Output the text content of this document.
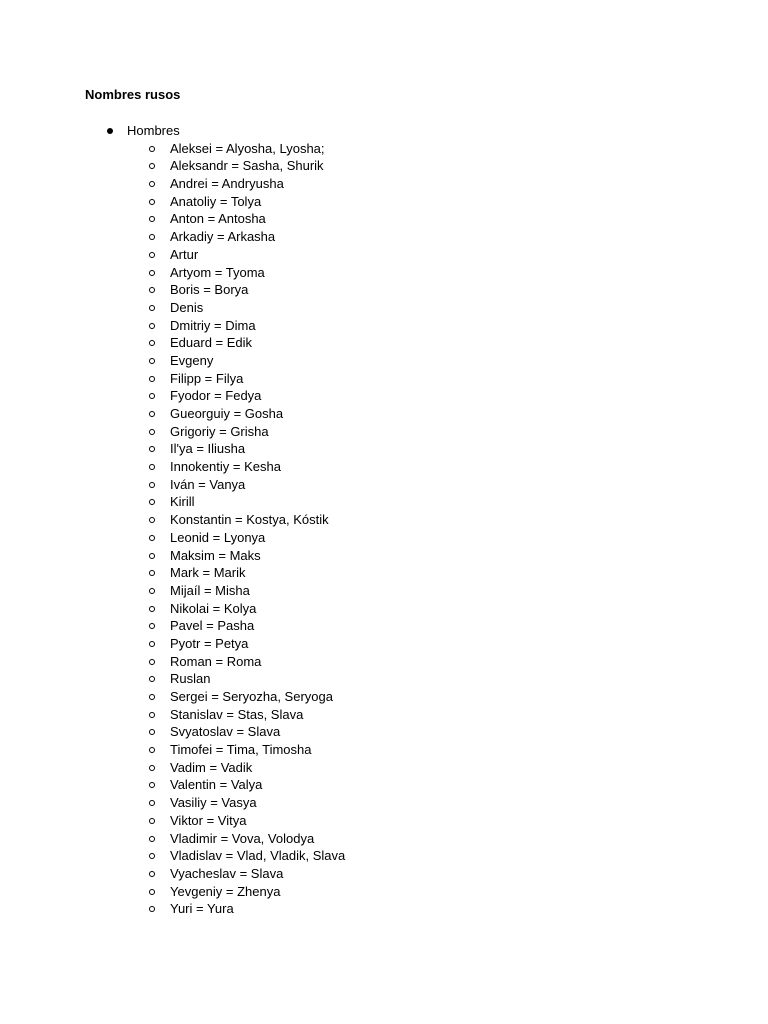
Nombres rusos
Hombres
Aleksei = Alyosha, Lyosha;
Aleksandr = Sasha, Shurik
Andrei = Andryusha
Anatoliy = Tolya
Anton = Antosha
Arkadiy = Arkasha
Artur
Artyom = Tyoma
Boris = Borya
Denis
Dmitriy = Dima
Eduard = Edik
Evgeny
Filipp = Filya
Fyodor = Fedya
Gueorguiy = Gosha
Grigoriy = Grisha
Il'ya = Iliusha
Innokentiy = Kesha
Iván = Vanya
Kirill
Konstantin = Kostya, Kóstik
Leonid = Lyonya
Maksim = Maks
Mark = Marik
Mijaíl = Misha
Nikolai = Kolya
Pavel = Pasha
Pyotr = Petya
Roman = Roma
Ruslan
Sergei = Seryozha, Seryoga
Stanislav = Stas, Slava
Svyatoslav = Slava
Timofei = Tima, Timosha
Vadim = Vadik
Valentin = Valya
Vasiliy = Vasya
Viktor = Vitya
Vladimir = Vova, Volodya
Vladislav = Vlad, Vladik, Slava
Vyacheslav = Slava
Yevgeniy = Zhenya
Yuri = Yura
